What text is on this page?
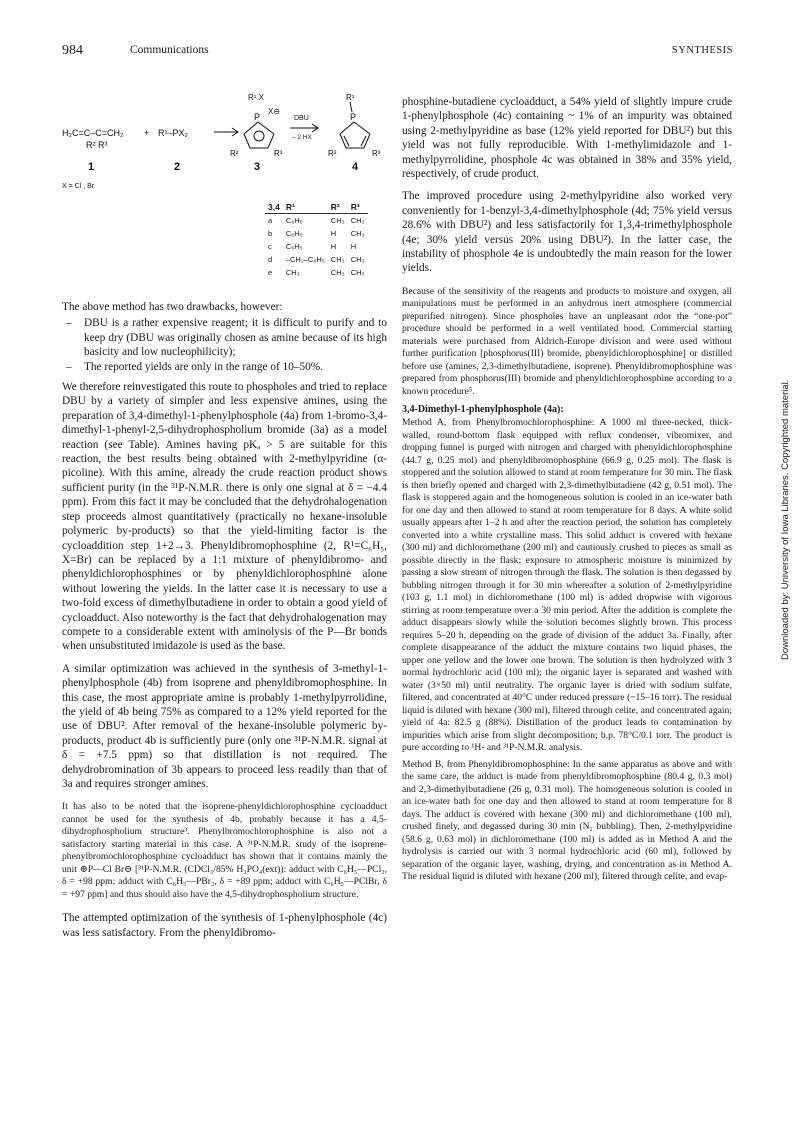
984	Communications	SYNTHESIS
H₂C=C–C=CH₂
R² R³
+ R¹–PX₂
DBU
– 2 HX
R¹ X
X⊖
R¹
R²	R³	R²	R³
P	P
1	2	3	4
X = Cl , Br
3,4	R¹	R²	R³
a	C₆H₅	CH₃	CH₃
b	C₆H₅	H	CH₃
c	C₆H₅	H	H
d	–CH₂–C₆H₅	CH₃	CH₃
e	CH₃	CH₃	CH₃

The above method has two drawbacks, however:

– DBU is a rather expensive reagent; it is difficult to purify and to keep dry (DBU was originally chosen as amine because of its high basicity and low nucleophilicity);
– The reported yields are only in the range of 10–50%.

We therefore reinvestigated this route to phospholes and tried to replace DBU by a variety of simpler and less expensive amines, using the preparation of 3,4-dimethyl-1-phenylphosphole (4a) from 1-bromo-3,4-dimethyl-1-phenyl-2,5-dihydrophospholium bromide (3a) as a model reaction (see Table). Amines having pKₐ > 5 are suitable for this reaction, the best results being obtained with 2-methylpyridine (α-picoline). With this amine, already the crude reaction product shows sufficient purity (in the ³¹P-N.M.R. there is only one signal at δ = −4.4 ppm). From this fact it may be concluded that the dehydrohalogenation step proceeds almost quantitatively (practically no hexane-insoluble polymeric by-products) so that the yield-limiting factor is the cycloaddition step 1+2→3. Phenyldibromophosphine (2, R¹=C₆H₅, X=Br) can be replaced by a 1:1 mixture of phenyldibromo- and phenyldichlorophosphines or by phenyldichlorophosphine alone without lowering the yields. In the latter case it is necessary to use a two-fold excess of dimethylbutadiene in order to obtain a good yield of cycloadduct. Also noteworthy is the fact that dehydrohalogenation may compete to a considerable extent with aminolysis of the P—Br bonds when unsubstituted imidazole is used as the base.

A similar optimization was achieved in the synthesis of 3-methyl-1-phenylphosphole (4b) from isoprene and phenyldibromophosphine. In this case, the most appropriate amine is probably 1-methylpyrrolidine, the yield of 4b being 75% as compared to a 12% yield reported for the use of DBU². After removal of the hexane-insoluble polymeric by-products, product 4b is sufficiently pure (only one ³¹P-N.M.R. signal at δ = +7.5 ppm) so that distillation is not required. The dehydrobromination of 3b appears to proceed less readily than that of 3a and requires stronger amines.

It has also to be noted that the isoprene-phenyldichlorophosphine cycloadduct cannot be used for the synthesis of 4b, probably because it has a 4,5-dihydrophospholium structure³. Phenylbromochlorophosphine is also not a satisfactory starting material in this case. A ³¹P-N.M.R. study of the isoprene-phenylbromochlorophosphine cycloadduct has shown that it contains mainly the unit ⊕P—Cl Br⊖ [³¹P-N.M.R. (CDCl₃/85% H₃PO₄(ext)): adduct with C₆H₅—PCl₂, δ = +98 ppm; adduct with C₆H₅—PBr₂, δ = +89 ppm; adduct with C₆H₅—PClBr, δ = +97 ppm] and thus should also have the 4,5-dihydrophospholium structure.

The attempted optimization of the synthesis of 1-phenylphosphole (4c) was less satisfactory. From the phenyldibromo-

phosphine-butadiene cycloadduct, a 54% yield of slightly impure crude 1-phenylphosphole (4c) containing ~ 1% of an impurity was obtained using 2-methylpyridine as base (12% yield reported for DBU²) but this yield was not fully reproducible. With 1-methylimidazole and 1-methylpyrrolidine, phosphole 4c was obtained in 38% and 35% yield, respectively, of crude product.

The improved procedure using 2-methylpyridine also worked very conveniently for 1-benzyl-3,4-dimethylphosphole (4d; 75% yield versus 28.6% with DBU²) and less satisfactorily for 1,3,4-trimethylphosphole (4e; 30% yield versus 20% using DBU²). In the latter case, the instability of phosphole 4e is undoubtedly the main reason for the lower yields.

Because of the sensitivity of the reagents and products to moisture and oxygen, all manipulations must be performed in an anhydrous inert atmosphere (commercial prepurified nitrogen). Since phospholes have an unpleasant odor the “one-pot” procedure should be performed in a well ventilated hood. Commercial starting materials were purchased from Aldrich-Europe division and were used without further purification [phosphorus(III) bromide, phenyldichlorophosphine] or distilled before use (amines, 2,3-dimethylbutadiene, isoprene). Phenyldibromophosphine was prepared from phosphorus(III) bromide and phenyldichlorophosphine according to a known procedure⁵.

3,4-Dimethyl-1-phenylphosphole (4a):

Method A, from Phenylbromochlorophosphine: A 1000 ml three-necked, thick-walled, round-bottom flask equipped with reflux condenser, vibromixer, and dropping funnel is purged with nitrogen and charged with phenyldichlorophosphine (44.7 g, 0.25 mol) and phenyldibromophosphine (66.9 g, 0.25 mol). The flask is stoppered and the solution allowed to stand at room temperature for 30 min. The flask is then briefly opened and charged with 2,3-dimethylbutadiene (42 g, 0.51 mol). The flask is stoppered again and the homogeneous solution is cooled in an ice-water bath for one day and then allowed to stand at room temperature for 8 days. A white solid usually appears after 1–2 h and after the reaction period, the solution has completely converted into a white crystalline mass. This solid adduct is covered with hexane (300 ml) and dichloromethane (200 ml) and cautiously crushed to pieces as small as possible directly in the flask; exposure to atmospheric moisture is minimized by passing a slow stream of nitrogen through the flask. The solution is then degassed by bubbling nitrogen through it for 30 min whereafter a solution of 2-methylpyridine (103 g, 1.1 mol) in dichloromethane (100 ml) is added dropwise with vigorous stirring at room temperature over a 30 min period. After the addition is complete the adduct disappears slowly while the solution becomes slightly brown. This process requires 5–20 h, depending on the grade of division of the adduct 3a. Finally, after complete disappearance of the adduct the mixture contains two liquid phases, the upper one yellow and the lower one brown. The solution is then hydrolyzed with 3 normal hydrochloric acid (100 ml); the organic layer is separated and washed with water (3×50 ml) until neutrality. The organic layer is dried with sodium sulfate, filtered, and concentrated at 40°C under reduced pressure (~15–16 torr). The residual liquid is diluted with hexane (300 ml), filtered through celite, and concentrated again; yield of 4a: 82.5 g (88%). Distillation of the product leads to contamination by impurities which arise from slight decomposition; b.p. 78°C/0.1 torr. The product is pure according to ¹H- and ³¹P-N.M.R. analysis.

Method B, from Phenyldibromophosphine: In the same apparatus as above and with the same care, the adduct is made from phenyldibromophosphine (80.4 g, 0.3 mol) and 2,3-dimethylbutadiene (26 g, 0.31 mol). The homogeneous solution is cooled in an ice-water bath for one day and then allowed to stand at room temperature for 8 days. The adduct is covered with hexane (300 ml) and dichloromethane (100 ml), crushed finely, and degassed during 30 min (N₂ bubbling). Then, 2-methylpyridine (58.6 g, 0.63 mol) in dichloromethane (100 ml) is added as in Method A and the hydrolysis is carried out with 3 normal hydrochloric acid (60 ml), followed by separation of the organic layer, washing, drying, and concentration as in Method A. The residual liquid is diluted with hexane (200 ml), filtered through celite, and evap-

Downloaded by: University of Iowa Libraries. Copyrighted material.
